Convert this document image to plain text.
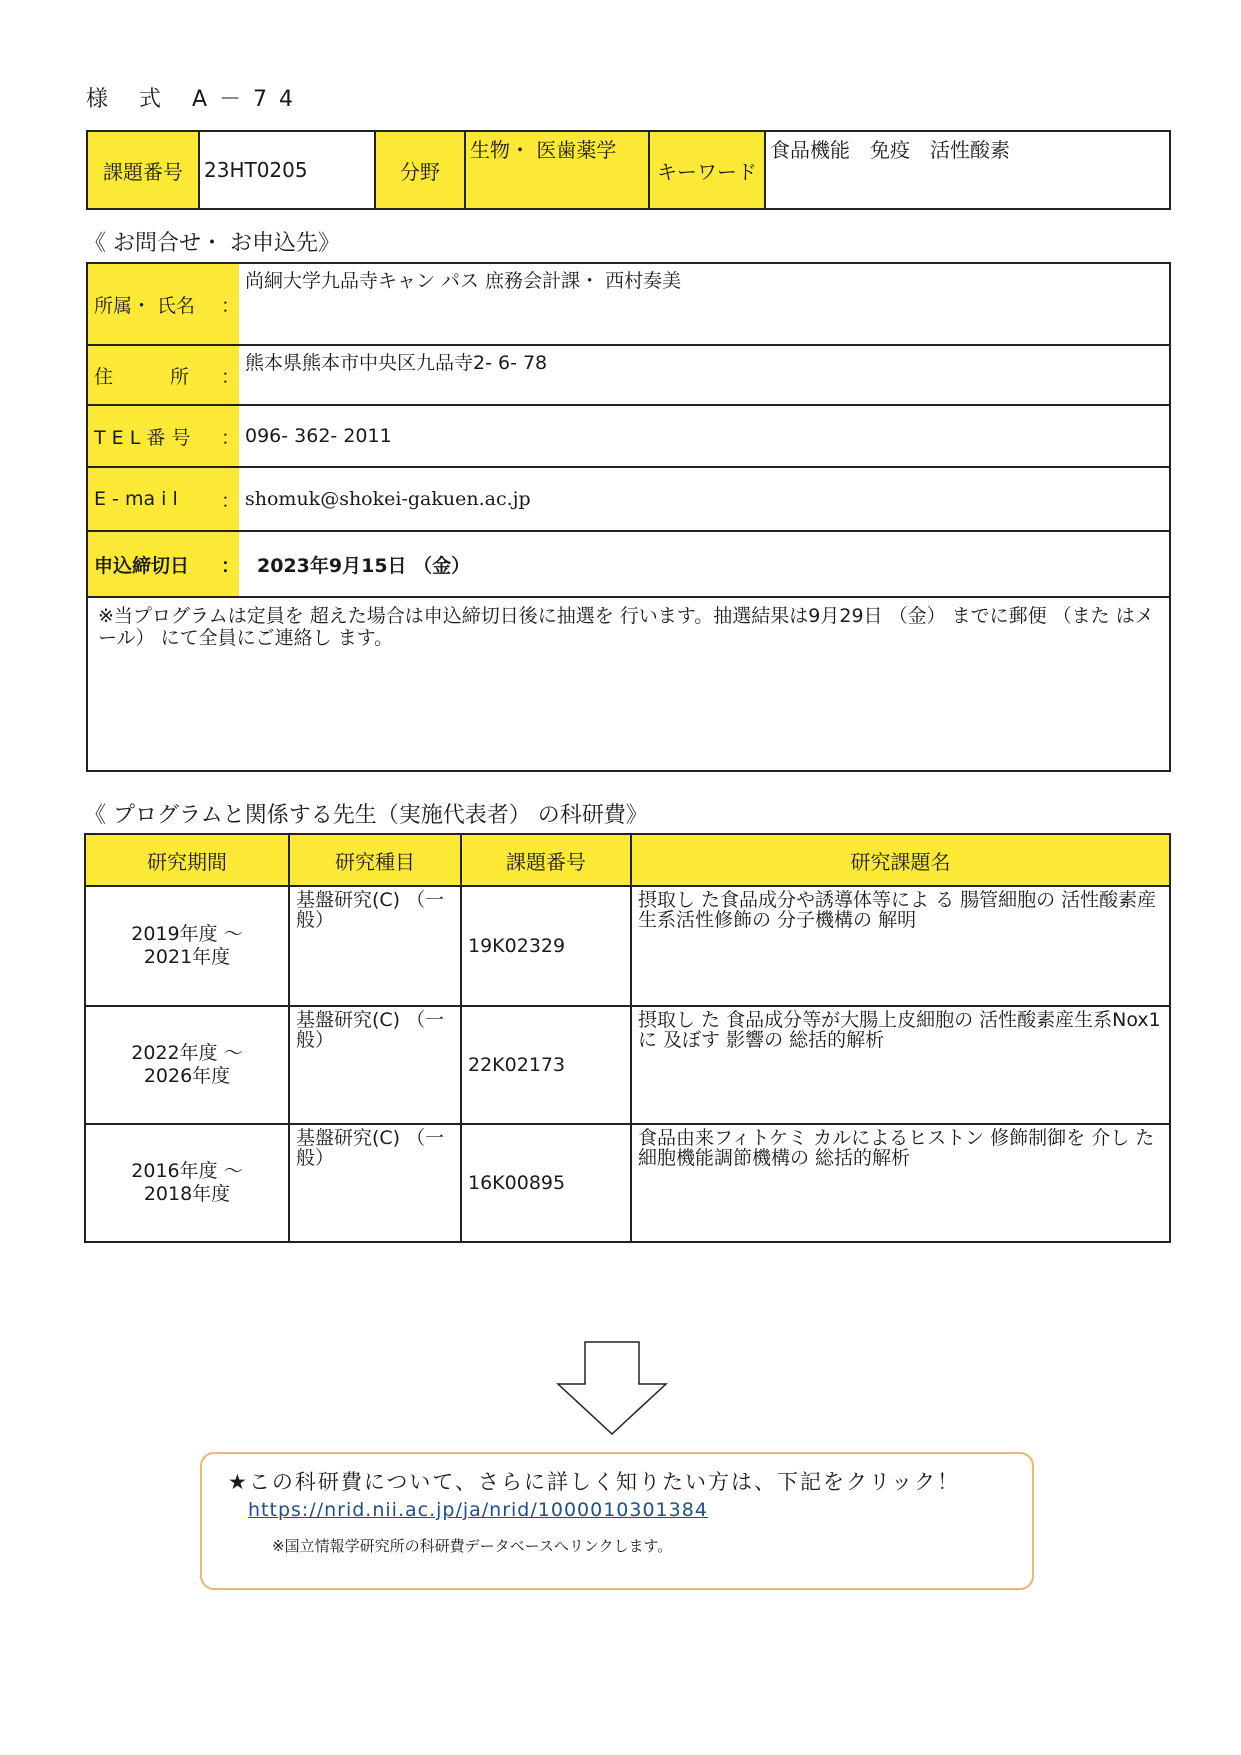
様 式 A－74
課題番号	23HT0205	分野	生物・ 医歯薬学	キーワード	食品機能　免疫　活性酸素
《 お問合せ・ お申込先》
所属・ 氏名	：	尚絅大学九品寺キャン パス 庶務会計課・ 西村奏美
住　　　所	：	熊本県熊本市中央区九品寺2- 6- 78
T E L 番 号	：	096- 362- 2011
E - ma i l	：	shomuk@shokei-gakuen.ac.jp
申込締切日	：	2023年9月15日 （金）
※当プログラムは定員を 超えた場合は申込締切日後に抽選を 行います。抽選結果は9月29日 （金） までに郵便 （また はメール） にて全員にご連絡し ます。		
《 プログラムと関係する先生（実施代表者） の科研費》
研究期間	研究種目	課題番号	研究課題名
2019年度 ～
2021年度	基盤研究(C) （一般）	19K02329	摂取し た食品成分や誘導体等によ る 腸管細胞の 活性酸素産生系活性修飾の 分子機構の 解明
2022年度 ～
2026年度	基盤研究(C) （一般）	22K02173	摂取し た 食品成分等が大腸上皮細胞の 活性酸素産生系Nox1に 及ぼす 影響の 総括的解析
2016年度 ～
2018年度	基盤研究(C) （一般）	16K00895	食品由来フィトケミ カルによるヒストン 修飾制御を 介し た 細胞機能調節機構の 総括的解析
★この科研費について、さらに詳しく知りたい方は、下記をクリック！
https://nrid.nii.ac.jp/ja/nrid/1000010301384
※国立情報学研究所の科研費データベースへリンクします。
